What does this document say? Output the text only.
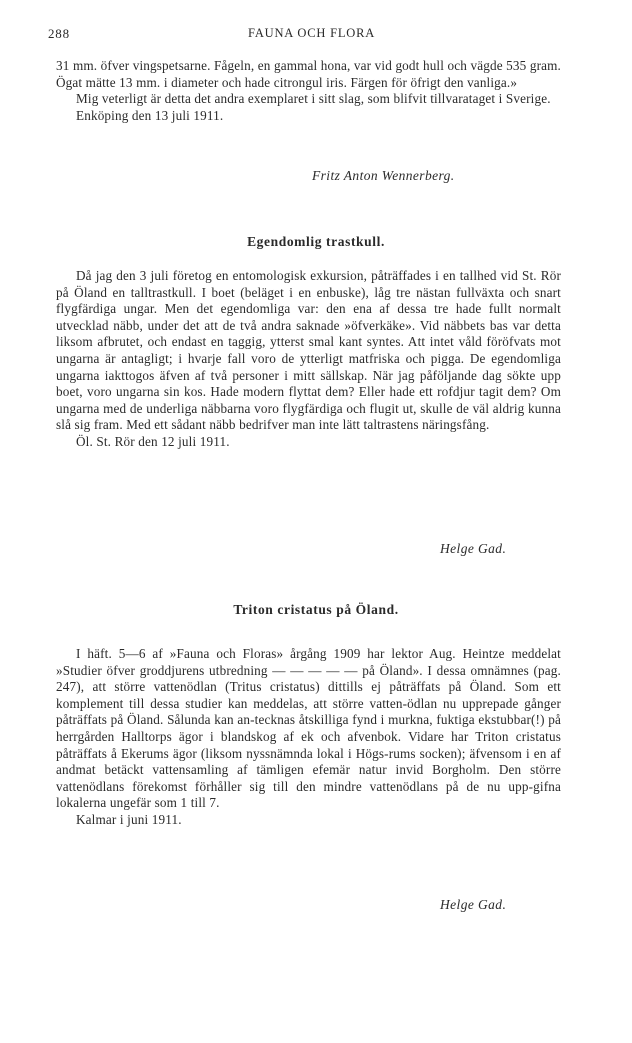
288	FAUNA OCH FLORA

31 mm. öfver vingspetsarne. Fågeln, en gammal hona, var vid godt hull och vägde 535 gram. Ögat mätte 13 mm. i diameter och hade citrongul iris. Färgen för öfrigt den vanliga.»

Mig veterligt är detta det andra exemplaret i sitt slag, som blifvit tillvarataget i Sverige.

Enköping den 13 juli 1911.

Fritz Anton Wennerberg.
Egendomlig trastkull.

Då jag den 3 juli företog en entomologisk exkursion, påträffades i en tallhed vid St. Rör på Öland en talltrastkull. I boet (beläget i en enbuske), låg tre nästan fullväxta och snart flygfärdiga ungar. Men det egendomliga var: den ena af dessa tre hade fullt normalt utvecklad näbb, under det att de två andra saknade »öfverkäke». Vid näbbets bas var detta liksom afbrutet, och endast en taggig, ytterst smal kant syntes. Att intet våld föröfvats mot ungarna är antagligt; i hvarje fall voro de ytterligt matfriska och pigga. De egendomliga ungarna iakttogos äfven af två personer i mitt sällskap. När jag påföljande dag sökte upp boet, voro ungarna sin kos. Hade modern flyttat dem? Eller hade ett rofdjur tagit dem? Om ungarna med de underliga näbbarna voro flygfärdiga och flugit ut, skulle de väl aldrig kunna slå sig fram. Med ett sådant näbb bedrifver man inte lätt taltrastens näringsfång.

Öl. St. Rör den 12 juli 1911.

Helge Gad.
Triton cristatus på Öland.

I häft. 5—6 af »Fauna och Floras» årgång 1909 har lektor Aug. Heintze meddelat »Studier öfver groddjurens utbredning — — — — — på Öland». I dessa omnämnes (pag. 247), att större vattenödlan (Tritus cristatus) dittills ej påträffats på Öland. Som ett komplement till dessa studier kan meddelas, att större vatten-ödlan nu upprepade gånger påträffats på Öland. Sålunda kan an-tecknas åtskilliga fynd i murkna, fuktiga ekstubbar(!) på herrgården Halltorps ägor i blandskog af ek och afvenbok. Vidare har Triton cristatus påträffats å Ekerums ägor (liksom nyssnämnda lokal i Högs-rums socken); äfvensom i en af andmat betäckt vattensamling af tämligen efemär natur invid Borgholm. Den större vattenödlans förekomst förhåller sig till den mindre vattenödlans på de nu upp-gifna lokalerna ungefär som 1 till 7.

Kalmar i juni 1911.

Helge Gad.
